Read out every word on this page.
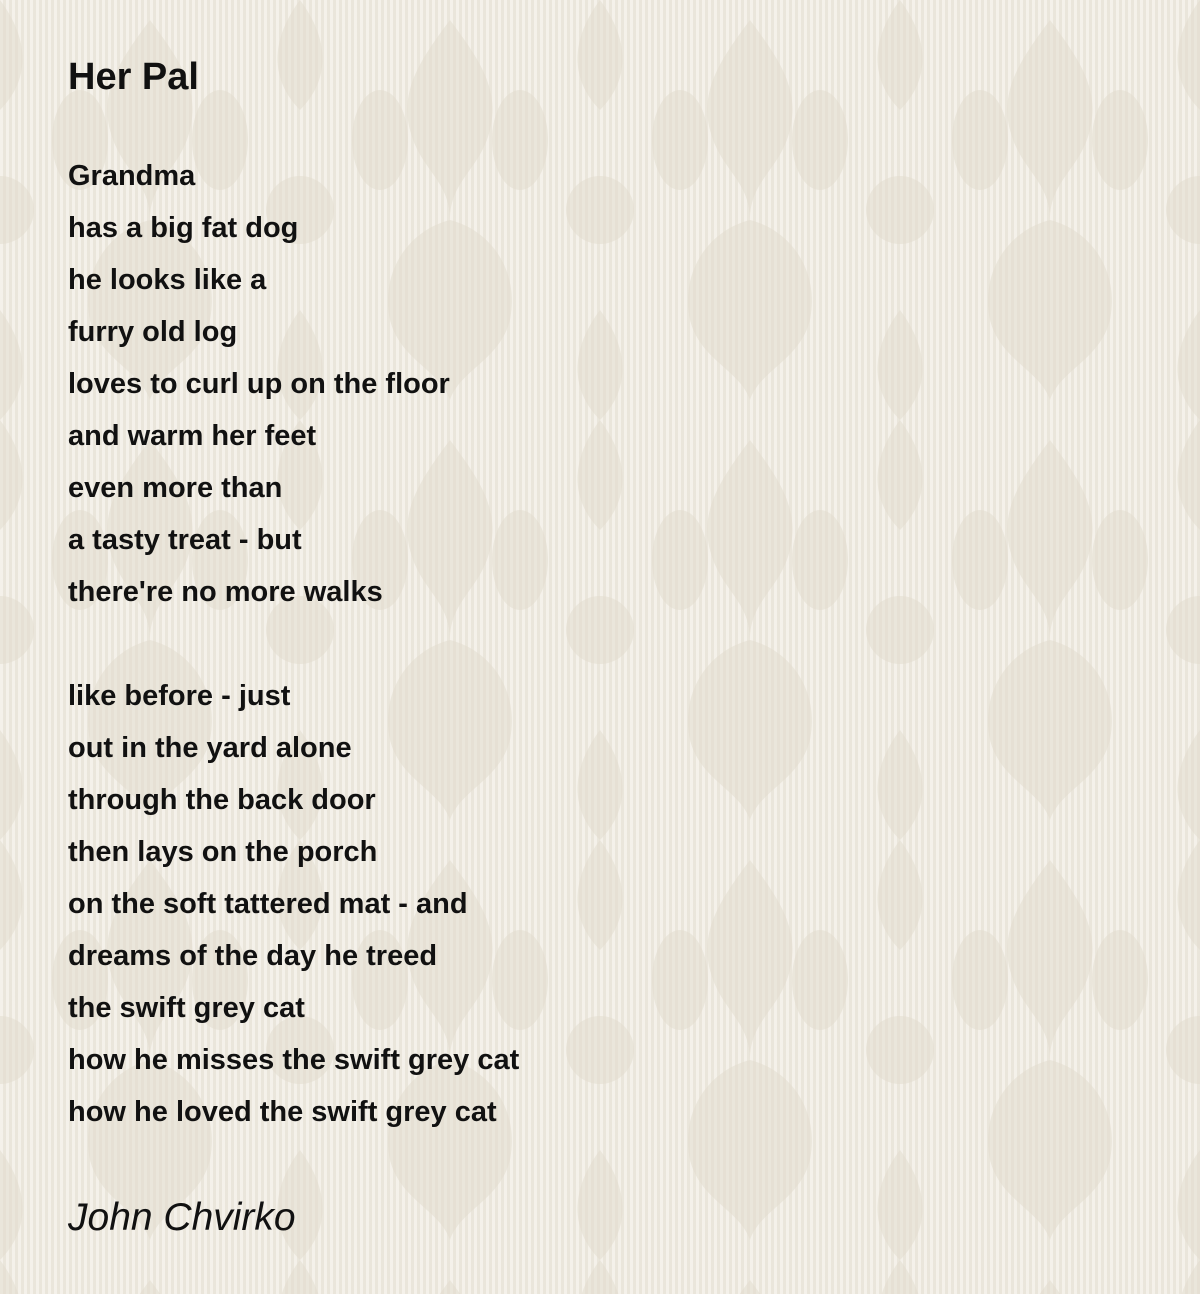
Her Pal
Grandma
has a big fat dog
he looks like a
furry old log
loves to curl up on the floor
and warm her feet
even more than
a tasty treat - but
there're no more walks
like before - just
out in the yard alone
through the back door
then lays on the porch
on the soft tattered mat - and
dreams of the day he treed
the swift grey cat
how he misses the swift grey cat
how he loved the swift grey cat
John Chvirko
